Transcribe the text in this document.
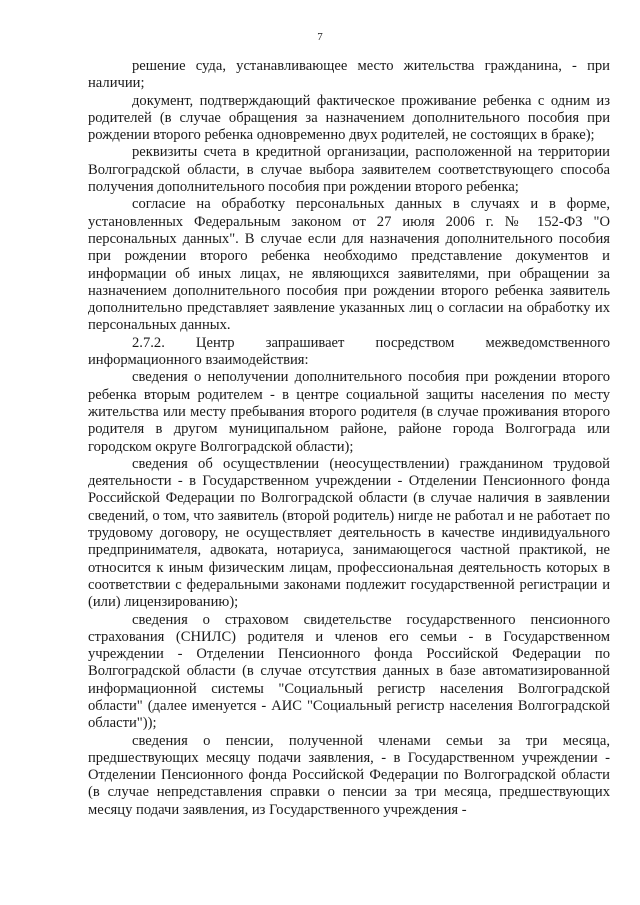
7

решение суда, устанавливающее место жительства гражданина, - при наличии;

документ, подтверждающий фактическое проживание ребенка с одним из родителей (в случае обращения за назначением дополнительного пособия при рождении второго ребенка одновременно двух родителей, не состоящих в браке);

реквизиты счета в кредитной организации, расположенной на территории Волгоградской области, в случае выбора заявителем соответствующего способа получения дополнительного пособия при рождении второго ребенка;

согласие на обработку персональных данных в случаях и в форме, установленных Федеральным законом от 27 июля 2006 г. № 152-ФЗ "О персональных данных". В случае если для назначения дополнительного пособия при рождении второго ребенка необходимо представление документов и информации об иных лицах, не являющихся заявителями, при обращении за назначением дополнительного пособия при рождении второго ребенка заявитель дополнительно представляет заявление указанных лиц о согласии на обработку их персональных данных.

2.7.2. Центр запрашивает посредством межведомственного информационного взаимодействия:

сведения о неполучении дополнительного пособия при рождении второго ребенка вторым родителем - в центре социальной защиты населения по месту жительства или месту пребывания второго родителя (в случае проживания второго родителя в другом муниципальном районе, районе города Волгограда или городском округе Волгоградской области);

сведения об осуществлении (неосуществлении) гражданином трудовой деятельности - в Государственном учреждении - Отделении Пенсионного фонда Российской Федерации по Волгоградской области (в случае наличия в заявлении сведений, о том, что заявитель (второй родитель) нигде не работал и не работает по трудовому договору, не осуществляет деятельность в качестве индивидуального предпринимателя, адвоката, нотариуса, занимающегося частной практикой, не относится к иным физическим лицам, профессиональная деятельность которых в соответствии с федеральными законами подлежит государственной регистрации и (или) лицензированию);

сведения о страховом свидетельстве государственного пенсионного страхования (СНИЛС) родителя и членов его семьи - в Государственном учреждении - Отделении Пенсионного фонда Российской Федерации по Волгоградской области (в случае отсутствия данных в базе автоматизированной информационной системы "Социальный регистр населения Волгоградской области" (далее именуется - АИС "Социальный регистр населения Волгоградской области"));

сведения о пенсии, полученной членами семьи за три месяца, предшествующих месяцу подачи заявления, - в Государственном учреждении - Отделении Пенсионного фонда Российской Федерации по Волгоградской области (в случае непредставления справки о пенсии за три месяца, предшествующих месяцу подачи заявления, из Государственного учреждения -
